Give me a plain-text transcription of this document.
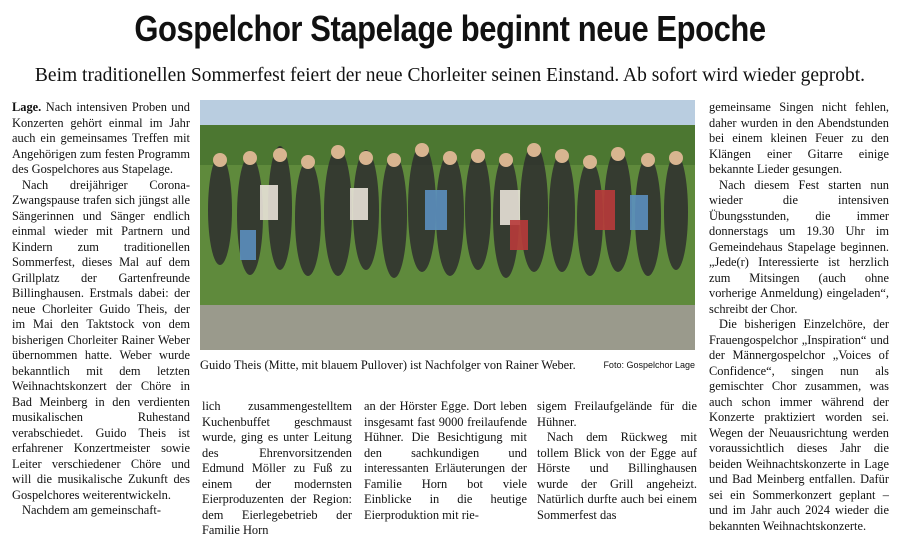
Gospelchor Stapelage beginnt neue Epoche

Beim traditionellen Sommerfest feiert der neue Chorleiter seinen Einstand. Ab sofort wird wieder geprobt.

Lage. Nach intensiven Proben und Konzerten gehört einmal im Jahr auch ein gemeinsames Treffen mit Angehörigen zum festen Programm des Gospelchores aus Stapelage.

Nach dreijähriger Corona-Zwangspause trafen sich jüngst alle Sängerinnen und Sänger endlich einmal wieder mit Partnern und Kindern zum traditionellen Sommerfest, dieses Mal auf dem Grillplatz der Gartenfreunde Billinghausen. Erstmals dabei: der neue Chorleiter Guido Theis, der im Mai den Taktstock von dem bisherigen Chorleiter Rainer Weber übernommen hatte. Weber wurde bekanntlich mit dem letzten Weihnachtskonzert der Chöre in Bad Meinberg in den verdienten musikalischen Ruhestand verabschiedet. Guido Theis ist erfahrener Konzertmeister sowie Leiter verschiedener Chöre und will die musikalische Zukunft des Gospelchores weiterentwickeln.

Nachdem am gemeinschaft-

Guido Theis (Mitte, mit blauem Pullover) ist Nachfolger von Rainer Weber.	Foto: Gospelchor Lage

lich zusammengestelltem Kuchenbuffet geschmaust wurde, ging es unter Leitung des Ehrenvorsitzenden Edmund Möller zu Fuß zu einem der modernsten Eierproduzenten der Region: dem Eierlegebetrieb der Familie Horn

an der Hörster Egge. Dort leben insgesamt fast 9000 freilaufende Hühner. Die Besichtigung mit den sachkundigen und interessanten Erläuterungen der Familie Horn bot viele Einblicke in die heutige Eierproduktion mit rie-

sigem Freilaufgelände für die Hühner.

Nach dem Rückweg mit tollem Blick von der Egge auf Hörste und Billinghausen wurde der Grill angeheizt. Natürlich durfte auch bei einem Sommerfest das

gemeinsame Singen nicht fehlen, daher wurden in den Abendstunden bei einem kleinen Feuer zu den Klängen einer Gitarre einige bekannte Lieder gesungen.

Nach diesem Fest starten nun wieder die intensiven Übungsstunden, die immer donnerstags um 19.30 Uhr im Gemeindehaus Stapelage beginnen. „Jede(r) Interessierte ist herzlich zum Mitsingen (auch ohne vorherige Anmeldung) eingeladen“, schreibt der Chor.

Die bisherigen Einzelchöre, der Frauengospelchor „Inspiration“ und der Männergospelchor „Voices of Confidence“, singen nun als gemischter Chor zusammen, was auch schon immer während der Konzerte praktiziert worden sei. Wegen der Neuausrichtung werden voraussichtlich dieses Jahr die beiden Weihnachtskonzerte in Lage und Bad Meinberg entfallen. Dafür sei ein Sommerkonzert geplant – und im Jahr auch 2024 wieder die bekannten Weihnachtskonzerte.
